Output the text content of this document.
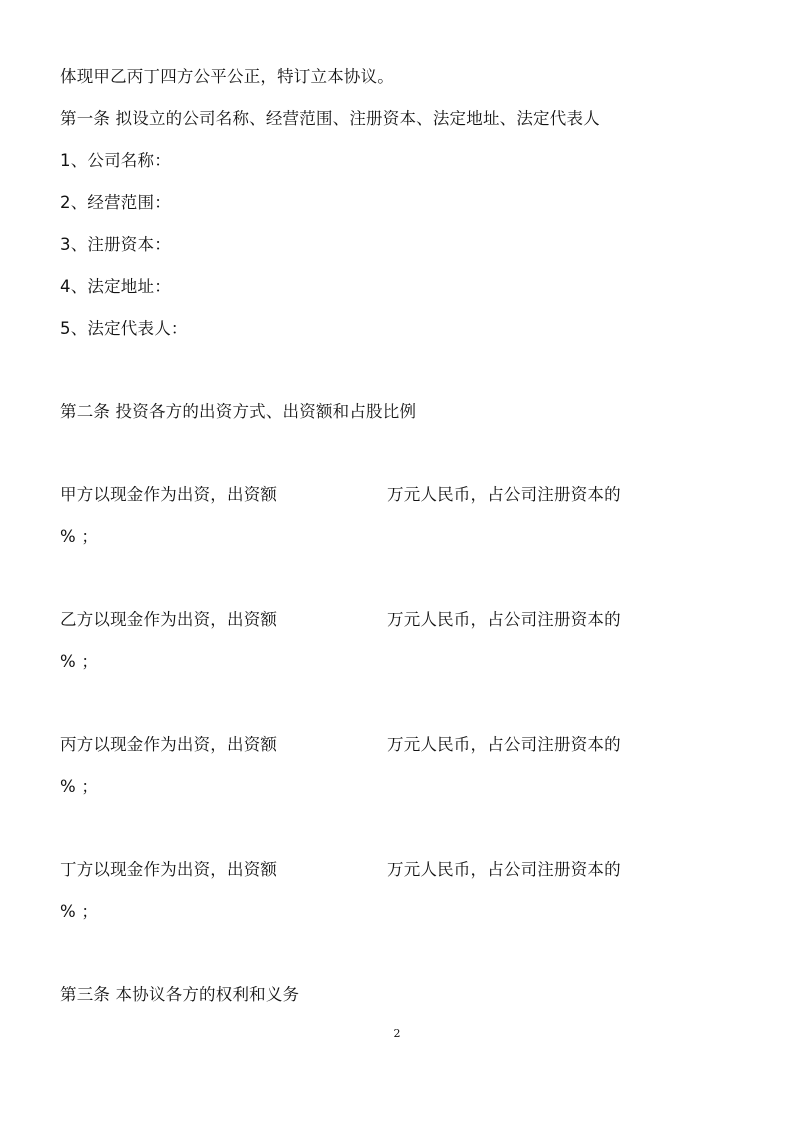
体现甲乙丙丁四方公平公正，特订立本协议。
第一条 拟设立的公司名称、经营范围、注册资本、法定地址、法定代表人
1、公司名称：
2、经营范围：
3、注册资本：
4、法定地址：
5、法定代表人：
第二条 投资各方的出资方式、出资额和占股比例
甲方以现金作为出资，出资额	万元人民币，占公司注册资本的
% ；
乙方以现金作为出资，出资额	万元人民币，占公司注册资本的
% ；
丙方以现金作为出资，出资额	万元人民币，占公司注册资本的
% ；
丁方以现金作为出资，出资额	万元人民币，占公司注册资本的
% ；
第三条 本协议各方的权利和义务
2
